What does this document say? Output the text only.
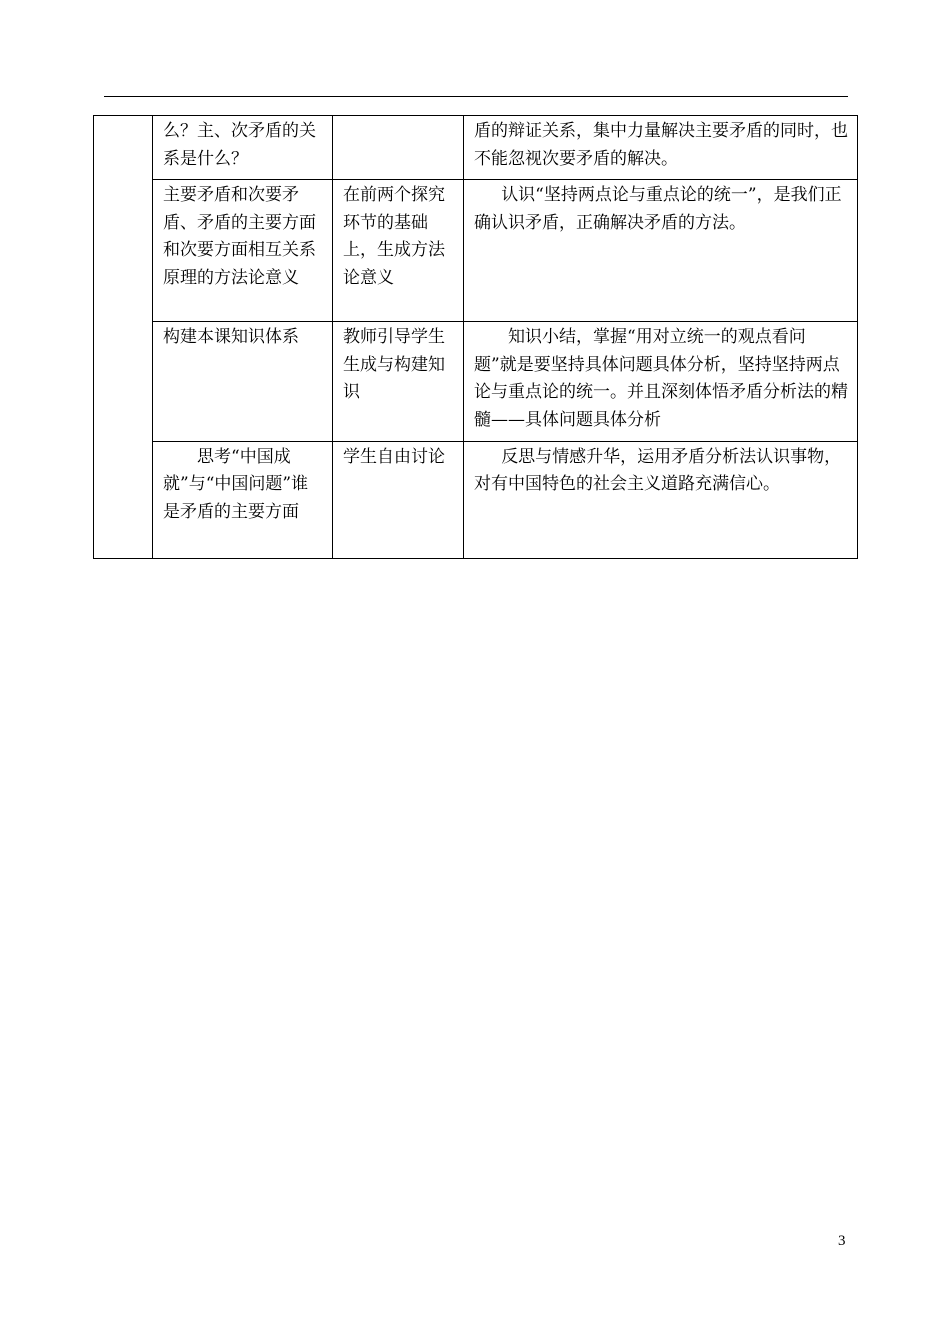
	么？主、次矛盾的关系是什么？		盾的辩证关系，集中力量解决主要矛盾的同时，也不能忽视次要矛盾的解决。
	主要矛盾和次要矛盾、矛盾的主要方面和次要方面相互关系原理的方法论意义	在前两个探究环节的基础上，生成方法论意义	认识“坚持两点论与重点论的统一”，是我们正确认识矛盾，正确解决矛盾的方法。
	构建本课知识体系	教师引导学生生成与构建知识	知识小结，掌握“用对立统一的观点看问题”就是要坚持具体问题具体分析，坚持坚持两点论与重点论的统一。并且深刻体悟矛盾分析法的精髓——具体问题具体分析
	思考“中国成就”与“中国问题”谁是矛盾的主要方面	学生自由讨论	反思与情感升华，运用矛盾分析法认识事物，对有中国特色的社会主义道路充满信心。
3
